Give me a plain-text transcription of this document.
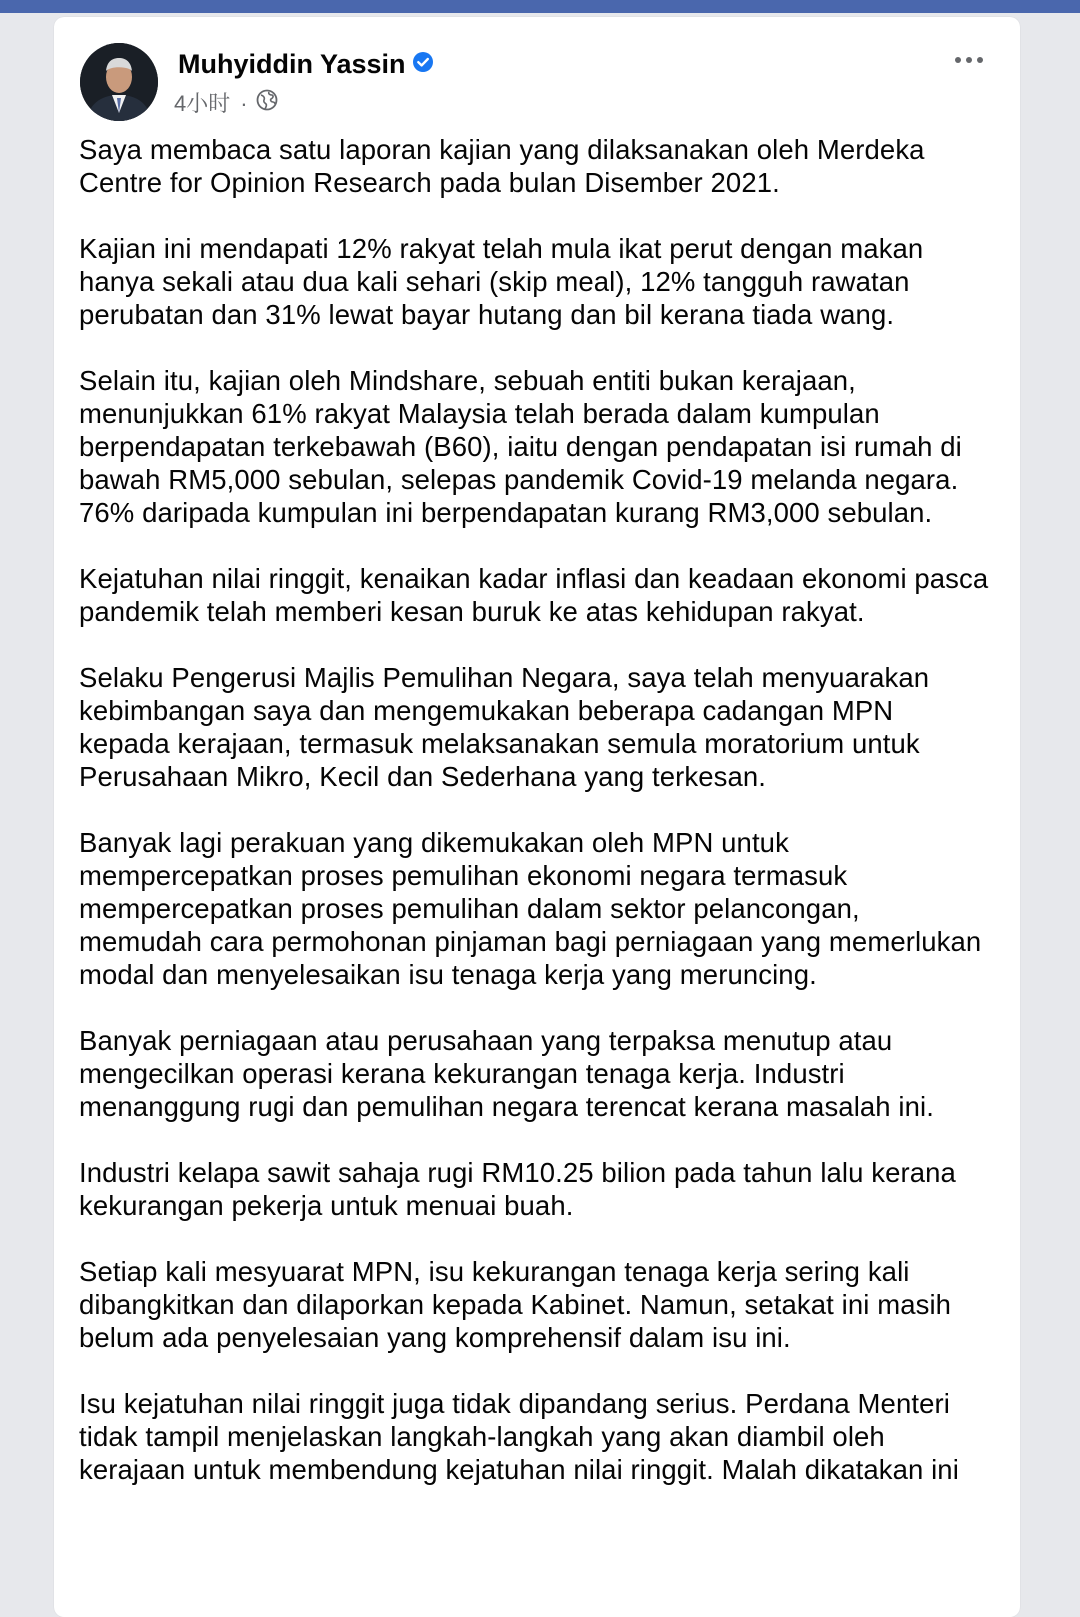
Muhyiddin Yassin
4小时 ·

Saya membaca satu laporan kajian yang dilaksanakan oleh Merdeka Centre for Opinion Research pada bulan Disember 2021.

Kajian ini mendapati 12% rakyat telah mula ikat perut dengan makan hanya sekali atau dua kali sehari (skip meal), 12% tangguh rawatan perubatan dan 31% lewat bayar hutang dan bil kerana tiada wang.

Selain itu, kajian oleh Mindshare, sebuah entiti bukan kerajaan, menunjukkan 61% rakyat Malaysia telah berada dalam kumpulan berpendapatan terkebawah (B60), iaitu dengan pendapatan isi rumah di bawah RM5,000 sebulan, selepas pandemik Covid-19 melanda negara. 76% daripada kumpulan ini berpendapatan kurang RM3,000 sebulan.

Kejatuhan nilai ringgit, kenaikan kadar inflasi dan keadaan ekonomi pasca pandemik telah memberi kesan buruk ke atas kehidupan rakyat.

Selaku Pengerusi Majlis Pemulihan Negara, saya telah menyuarakan kebimbangan saya dan mengemukakan beberapa cadangan MPN kepada kerajaan, termasuk melaksanakan semula moratorium untuk Perusahaan Mikro, Kecil dan Sederhana yang terkesan.

Banyak lagi perakuan yang dikemukakan oleh MPN untuk mempercepatkan proses pemulihan ekonomi negara termasuk mempercepatkan proses pemulihan dalam sektor pelancongan, memudah cara permohonan pinjaman bagi perniagaan yang memerlukan modal dan menyelesaikan isu tenaga kerja yang meruncing.

Banyak perniagaan atau perusahaan yang terpaksa menutup atau mengecilkan operasi kerana kekurangan tenaga kerja. Industri menanggung rugi dan pemulihan negara terencat kerana masalah ini.

Industri kelapa sawit sahaja rugi RM10.25 bilion pada tahun lalu kerana kekurangan pekerja untuk menuai buah.

Setiap kali mesyuarat MPN, isu kekurangan tenaga kerja sering kali dibangkitkan dan dilaporkan kepada Kabinet. Namun, setakat ini masih belum ada penyelesaian yang komprehensif dalam isu ini.

Isu kejatuhan nilai ringgit juga tidak dipandang serius. Perdana Menteri tidak tampil menjelaskan langkah-langkah yang akan diambil oleh kerajaan untuk membendung kejatuhan nilai ringgit. Malah dikatakan ini
